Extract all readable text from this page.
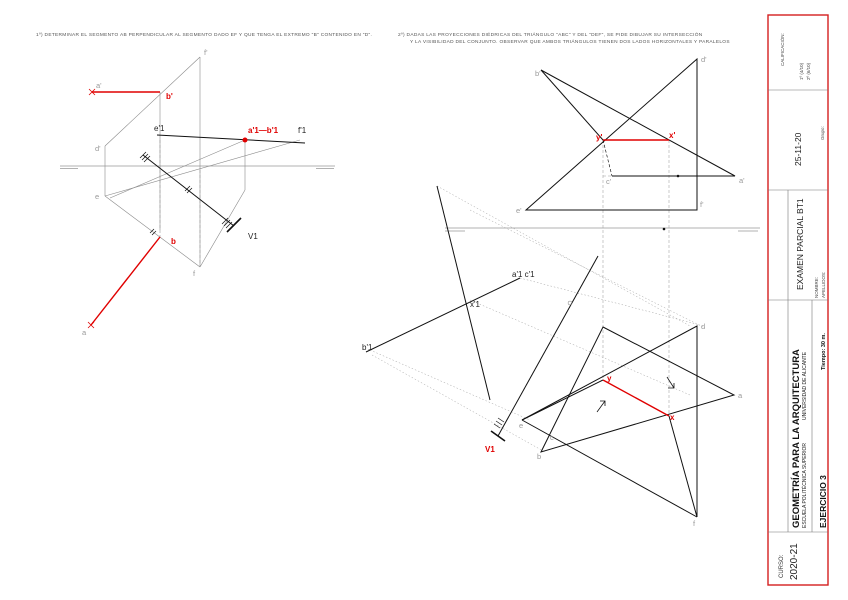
1º) DETERMINAR EL SEGMENTO AB PERPENDICULAR AL SEGMENTO DADO EF Y QUE TENGA EL EXTREMO "B" CONTENIDO EN "D".
f'
a'
b'
e'1	a'1—b'1 f'1
d'
e
b
V1
f
a
2º) DADAS LAS PROYECCIONES DIÉDRICAS DEL TRIÁNGULO "ABC" Y DEL "DEF", SE PIDE DIBUJAR SU INTERSECCIÓN
Y LA VISIBILIDAD DEL CONJUNTO. OBSERVAR QUE AMBOS TRIÁNGULOS TIENEN DOS LADOS HORIZONTALES Y PARALELOS
b'
d'
y'	x'
c'	a'
e'
f'
a'1 c'1
x'1
b'1
d
y
a
x
e
b
c
f
V1
CALIFICACIÓN:
1º (4/10) 2º (6/10)
25-11-20	Grupo:
EXAMEN PARCIAL BT1 NOMBRE: APELLIDOS:
GEOMETRÍA PARA LA ARQUITECTURA ESCUELA POLITÉCNICA SUPERIOR
UNIVERSIDAD DE ALICANTE
EJERCICIO 3
Tiempo: 30 m.
CURSO: 2020-21
